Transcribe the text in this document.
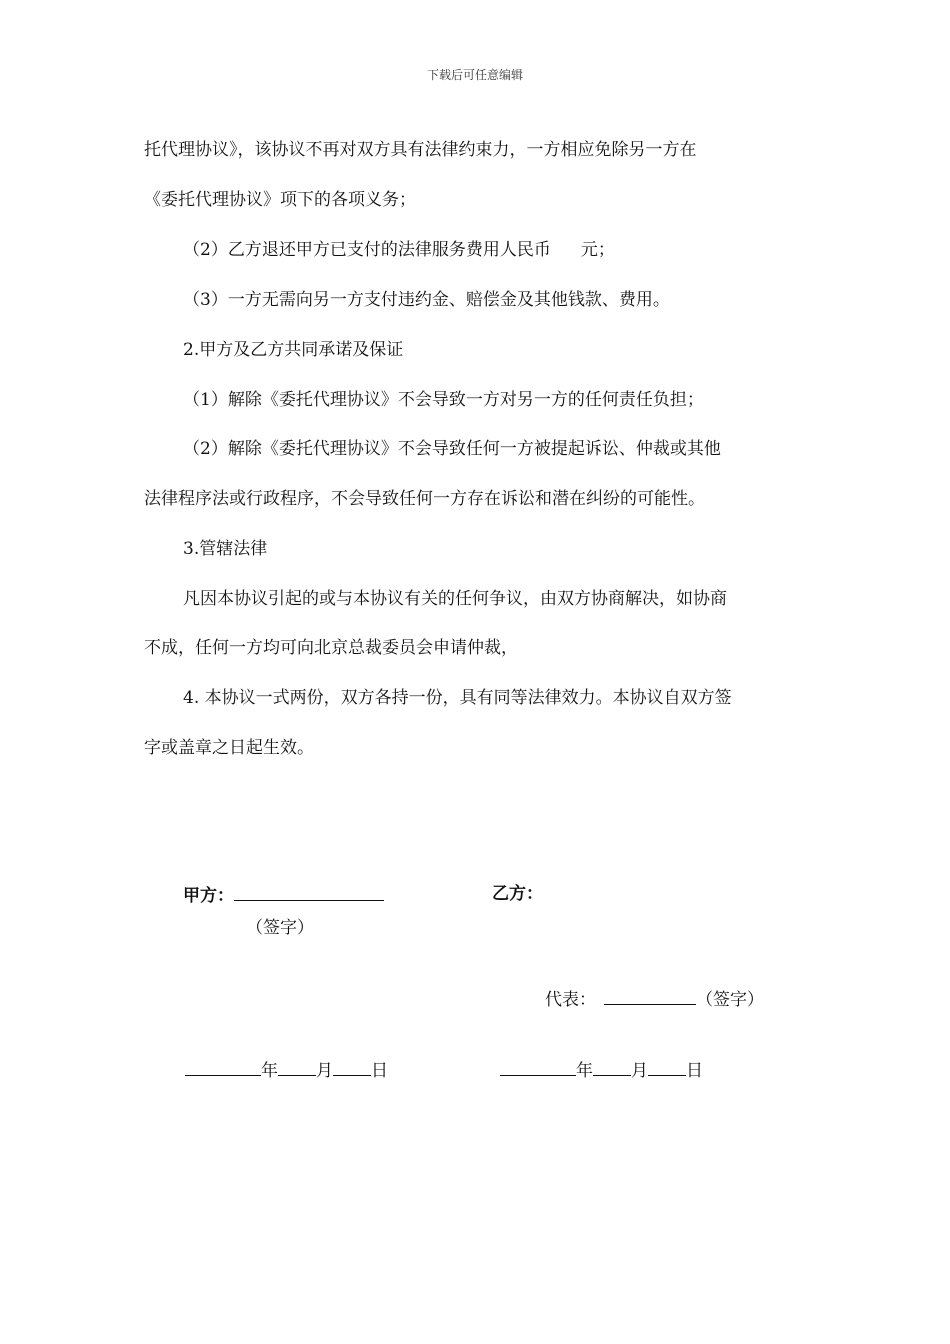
下载后可任意编辑
托代理协议》，该协议不再对双方具有法律约束力，一方相应免除另一方在
《委托代理协议》项下的各项义务；
（2）乙方退还甲方已支付的法律服务费用人民币 元；
（3）一方无需向另一方支付违约金、赔偿金及其他钱款、费用。
2.甲方及乙方共同承诺及保证
（1）解除《委托代理协议》不会导致一方对另一方的任何责任负担；
（2）解除《委托代理协议》不会导致任何一方被提起诉讼、仲裁或其他
法律程序法或行政程序，不会导致任何一方存在诉讼和潜在纠纷的可能性。
3.管辖法律
凡因本协议引起的或与本协议有关的任何争议，由双方协商解决，如协商
不成，任何一方均可向北京总裁委员会申请仲裁，
4. 本协议一式两份，双方各持一份，具有同等法律效力。本协议自双方签
字或盖章之日起生效。
甲方：	乙方：
（签字）
代表：	（签字）
年 月 日	年 月 日
